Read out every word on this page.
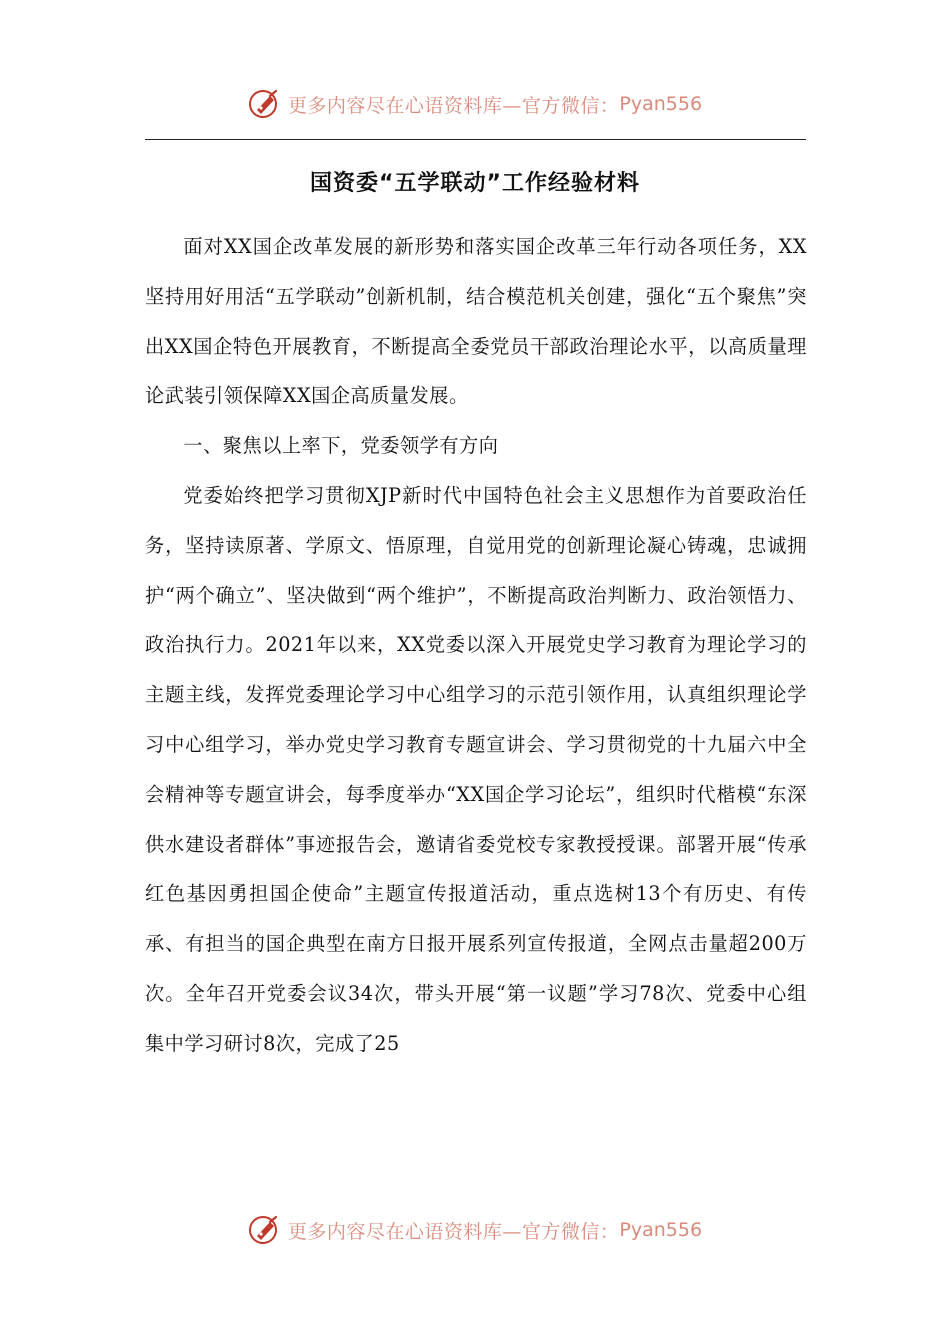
更多内容尽在心语资料库—官方微信： Pyan556
国资委“五学联动”工作经验材料

面对XX国企改革发展的新形势和落实国企改革三年行动各项任务，XX坚持用好用活“五学联动”创新机制，结合模范机关创建，强化“五个聚焦”突出XX国企特色开展教育，不断提高全委党员干部政治理论水平，以高质量理论武装引领保障XX国企高质量发展。

一、聚焦以上率下，党委领学有方向

党委始终把学习贯彻XJP新时代中国特色社会主义思想作为首要政治任务，坚持读原著、学原文、悟原理，自觉用党的创新理论凝心铸魂，忠诚拥护“两个确立”、坚决做到“两个维护”，不断提高政治判断力、政治领悟力、政治执行力。2021年以来，XX党委以深入开展党史学习教育为理论学习的主题主线，发挥党委理论学习中心组学习的示范引领作用，认真组织理论学习中心组学习，举办党史学习教育专题宣讲会、学习贯彻党的十九届六中全会精神等专题宣讲会，每季度举办“XX国企学习论坛”，组织时代楷模“东深供水建设者群体”事迹报告会，邀请省委党校专家教授授课。部署开展“传承红色基因勇担国企使命”主题宣传报道活动，重点选树13个有历史、有传承、有担当的国企典型在南方日报开展系列宣传报道，全网点击量超200万次。全年召开党委会议34次，带头开展“第一议题”学习78次、党委中心组集中学习研讨8次，完成了25

更多内容尽在心语资料库—官方微信： Pyan556
